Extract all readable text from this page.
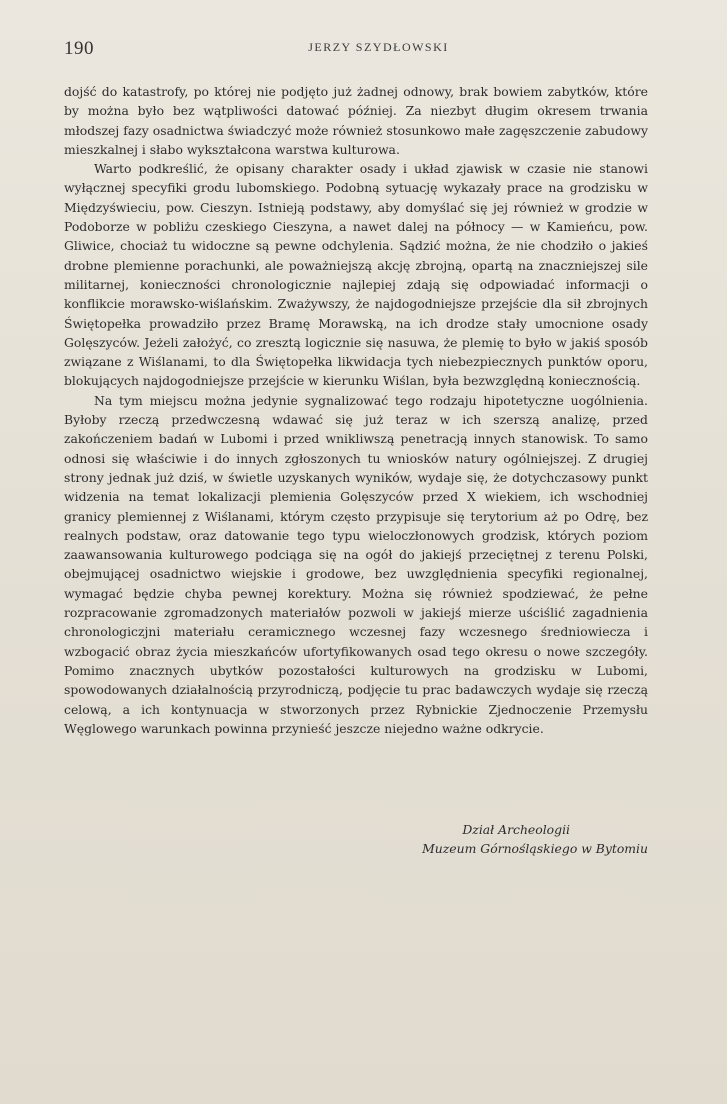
190	JERZY SZYDŁOWSKI

dojść do katastrofy, po której nie podjęto już żadnej odnowy, brak bowiem zabytków, które by można było bez wątpliwości datować później. Za niezbyt długim okresem trwania młodszej fazy osadnictwa świadczyć może również stosunkowo małe zagęszczenie zabudowy mieszkalnej i słabo wykształcona warstwa kulturowa.

Warto podkreślić, że opisany charakter osady i układ zjawisk w czasie nie stanowi wyłącznej specyfiki grodu lubomskiego. Podobną sytuację wykazały prace na grodzisku w Międzyświeciu, pow. Cieszyn. Istnieją podstawy, aby domyślać się jej również w grodzie w Podoborze w pobliżu czeskiego Cieszyna, a nawet dalej na północy — w Kamieńcu, pow. Gliwice, chociaż tu widoczne są pewne odchylenia. Sądzić można, że nie chodziło o jakieś drobne plemienne porachunki, ale poważniejszą akcję zbrojną, opartą na znaczniejszej sile militarnej, konieczności chronologicznie najlepiej zdają się odpowiadać informacji o konflikcie morawsko-wiślańskim. Zważywszy, że najdogodniejsze przejście dla sił zbrojnych Świętopełka prowadziło przez Bramę Morawską, na ich drodze stały umocnione osady Golęszyców. Jeżeli założyć, co zresztą logicznie się nasuwa, że plemię to było w jakiś sposób związane z Wiślanami, to dla Świętopełka likwidacja tych niebezpiecznych punktów oporu, blokujących najdogodniejsze przejście w kierunku Wiślan, była bezwzględną koniecznością.

Na tym miejscu można jedynie sygnalizować tego rodzaju hipotetyczne uogólnienia. Byłoby rzeczą przedwczesną wdawać się już teraz w ich szerszą analizę, przed zakończeniem badań w Lubomi i przed wnikliwszą penetracją innych stanowisk. To samo odnosi się właściwie i do innych zgłoszonych tu wniosków natury ogólniejszej. Z drugiej strony jednak już dziś, w świetle uzyskanych wyników, wydaje się, że dotychczasowy punkt widzenia na temat lokalizacji plemienia Golęszyców przed X wiekiem, ich wschodniej granicy plemiennej z Wiślanami, którym często przypisuje się terytorium aż po Odrę, bez realnych podstaw, oraz datowanie tego typu wieloczłonowych grodzisk, których poziom zaawansowania kulturowego podciąga się na ogół do jakiejś przeciętnej z terenu Polski, obejmującej osadnictwo wiejskie i grodowe, bez uwzględnienia specyfiki regionalnej, wymagać będzie chyba pewnej korektury. Można się również spodziewać, że pełne rozpracowanie zgromadzonych materiałów pozwoli w jakiejś mierze uściślić zagadnienia chronologiczjni materiału ceramicznego wczesnej fazy wczesnego średniowiecza i wzbogacić obraz życia mieszkańców ufortyfikowanych osad tego okresu o nowe szczegóły. Pomimo znacznych ubytków pozostałości kulturowych na grodzisku w Lubomi, spowodowanych działalnością przyrodniczą, podjęcie tu prac badawczych wydaje się rzeczą celową, a ich kontynuacja w stworzonych przez Rybnickie Zjednoczenie Przemysłu Węglowego warunkach powinna przynieść jeszcze niejedno ważne odkrycie.

Dział Archeologii
Muzeum Górnośląskiego w Bytomiu
